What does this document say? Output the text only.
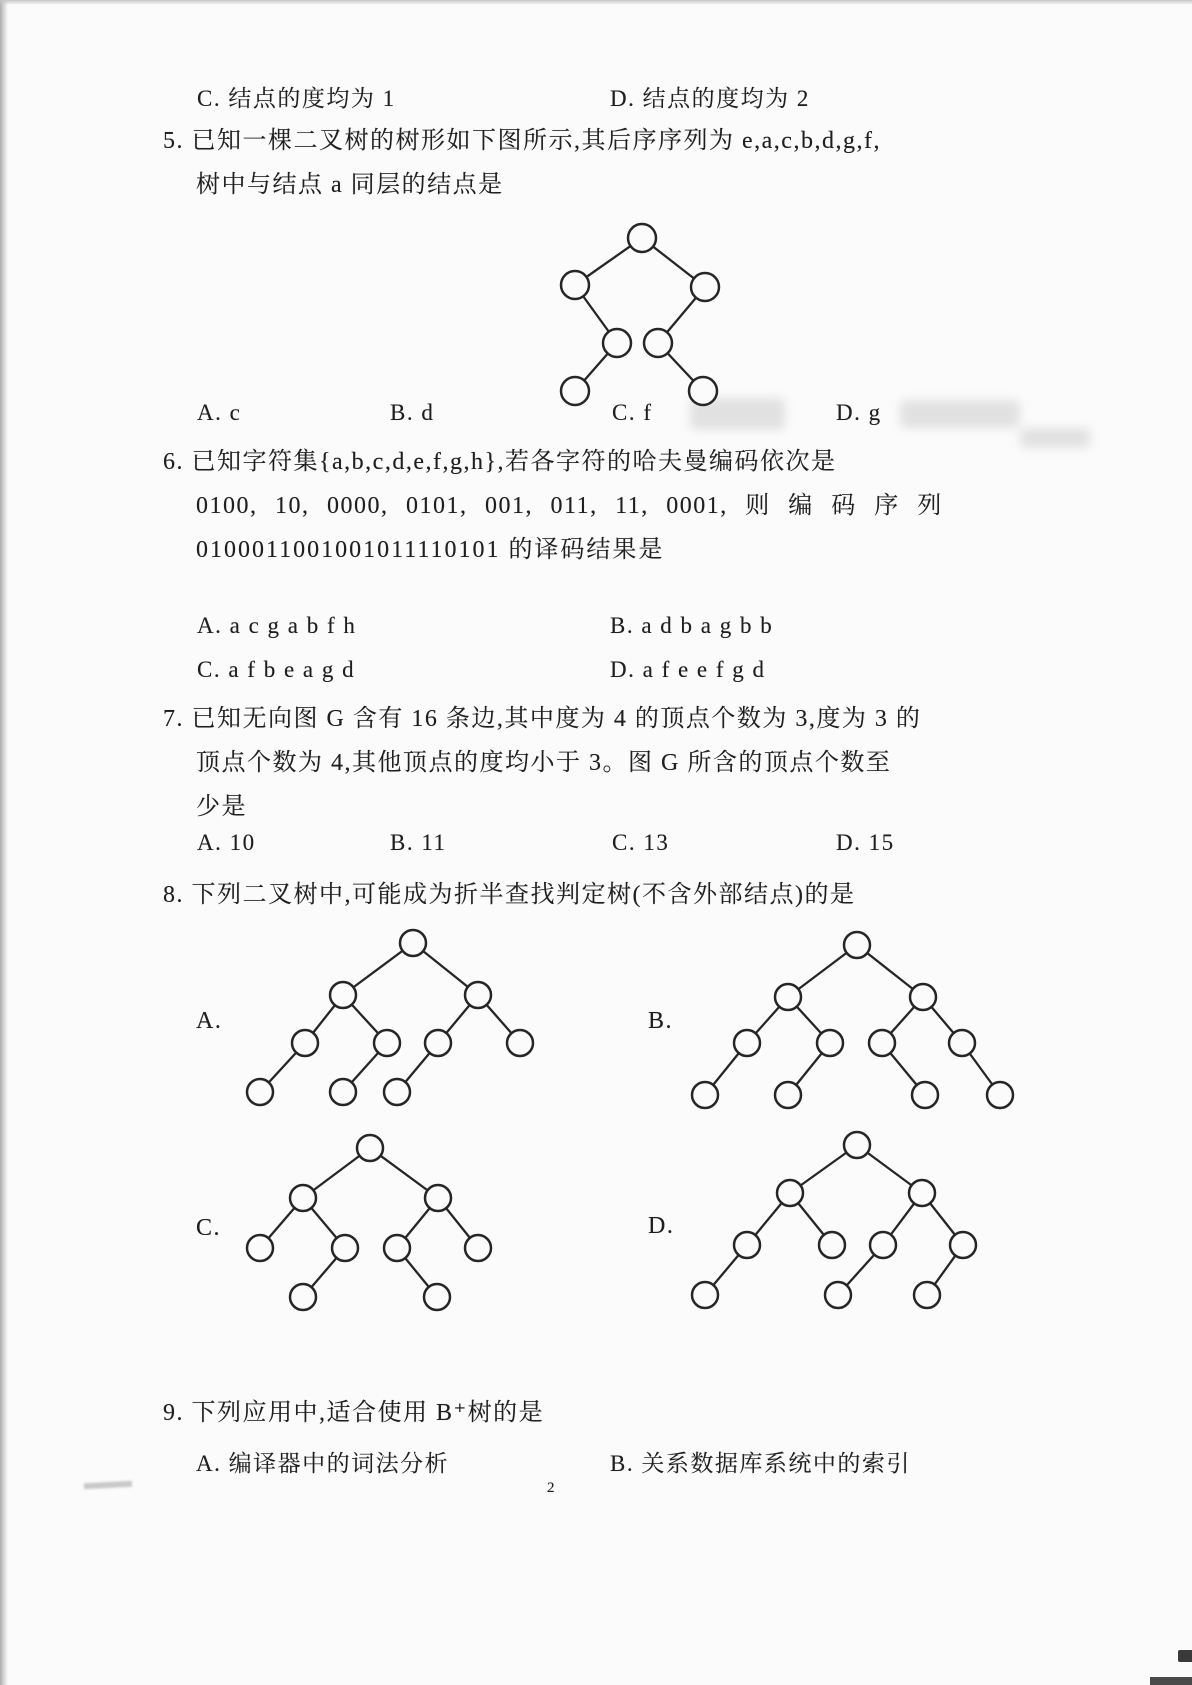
C. 结点的度均为 1	D. 结点的度均为 2
5. 已知一棵二叉树的树形如下图所示,其后序序列为 e,a,c,b,d,g,f,
树中与结点 a 同层的结点是
A. c	B. d	C. f	D. g
6. 已知字符集{a,b,c,d,e,f,g,h},若各字符的哈夫曼编码依次是
0100, 10, 0000, 0101, 001, 011, 11, 0001, 则 编 码 序 列
0100011001001011110101 的译码结果是
A. a c g a b f h	B. a d b a g b b
C. a f b e a g d	D. a f e e f g d
7. 已知无向图 G 含有 16 条边,其中度为 4 的顶点个数为 3,度为 3 的
顶点个数为 4,其他顶点的度均小于 3。图 G 所含的顶点个数至
少是
A. 10	B. 11	C. 13	D. 15
8. 下列二叉树中,可能成为折半查找判定树(不含外部结点)的是
A.	B.
C.	D.
9. 下列应用中,适合使用 B⁺树的是
A. 编译器中的词法分析	B. 关系数据库系统中的索引
2
